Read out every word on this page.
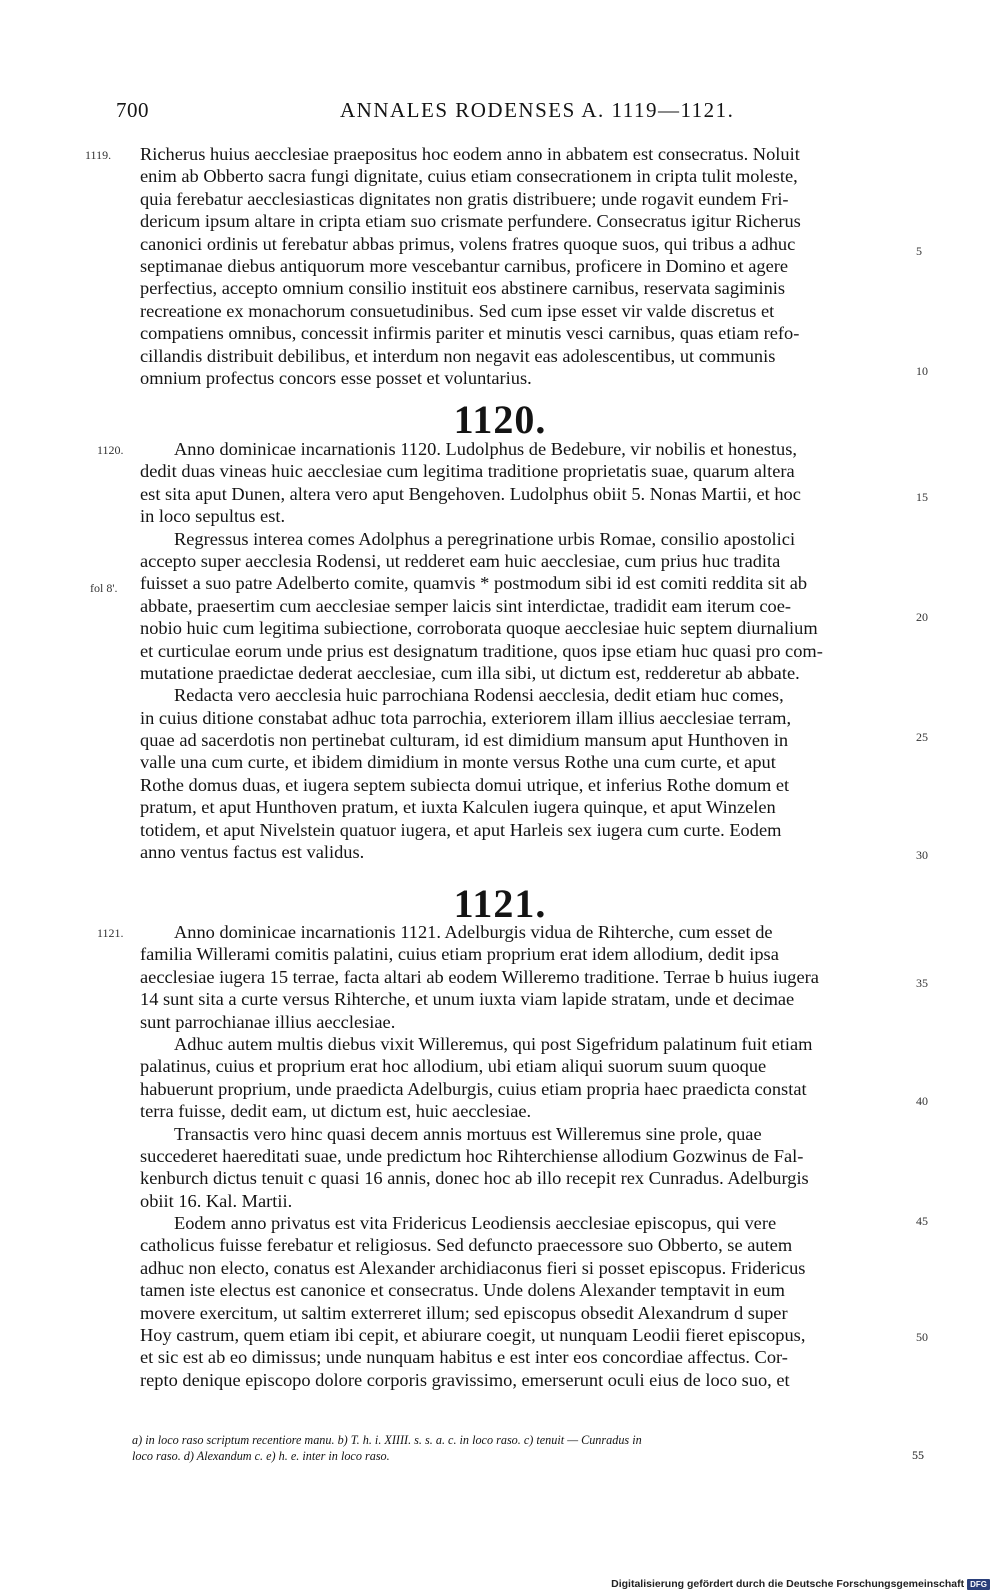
700	ANNALES RODENSES A. 1119—1121.
1119. Richerus huius aecclesiae praepositus hoc eodem anno in abbatem est consecratus. Noluit
enim ab Obberto sacra fungi dignitate, cuius etiam consecrationem in cripta tulit moleste,
quia ferebatur aecclesiasticas dignitates non gratis distribuere; unde rogavit eundem Fri-
dericum ipsum altare in cripta etiam suo crismate perfundere. Consecratus igitur Richerus
canonici ordinis ut ferebatur abbas primus, volens fratres quoque suos, qui tribus a adhuc
septimanae diebus antiquorum more vescebantur carnibus, proficere in Domino et agere
perfectius, accepto omnium consilio instituit eos abstinere carnibus, reservata sagiminis
recreatione ex monachorum consuetudinibus. Sed cum ipse esset vir valde discretus et
compatiens omnibus, concessit infirmis pariter et minutis vesci carnibus, quas etiam refo-
cillandis distribuit debilibus, et interdum non negavit eas adolescentibus, ut communis
omnium profectus concors esse posset et voluntarius.
5
10
1120.
1120.
fol 8'.
Anno dominicae incarnationis 1120. Ludolphus de Bedebure, vir nobilis et honestus,
dedit duas vineas huic aecclesiae cum legitima traditione proprietatis suae, quarum altera
est sita aput Dunen, altera vero aput Bengehoven. Ludolphus obiit 5. Nonas Martii, et hoc
in loco sepultus est.
Regressus interea comes Adolphus a peregrinatione urbis Romae, consilio apostolici
accepto super aecclesia Rodensi, ut redderet eam huic aecclesiae, cum prius huc tradita
fuisset a suo patre Adelberto comite, quamvis * postmodum sibi id est comiti reddita sit ab
abbate, praesertim cum aecclesiae semper laicis sint interdictae, tradidit eam iterum coe-
nobio huic cum legitima subiectione, corroborata quoque aecclesiae huic septem diurnalium
et curticulae eorum unde prius est designatum traditione, quos ipse etiam huc quasi pro com-
mutatione praedictae dederat aecclesiae, cum illa sibi, ut dictum est, redderetur ab abbate.
Redacta vero aecclesia huic parrochiana Rodensi aecclesia, dedit etiam huc comes,
in cuius ditione constabat adhuc tota parrochia, exteriorem illam illius aecclesiae terram,
quae ad sacerdotis non pertinebat culturam, id est dimidium mansum aput Hunthoven in
valle una cum curte, et ibidem dimidium in monte versus Rothe una cum curte, et aput
Rothe domus duas, et iugera septem subiecta domui utrique, et inferius Rothe domum et
pratum, et aput Hunthoven pratum, et iuxta Kalculen iugera quinque, et aput Winzelen
totidem, et aput Nivelstein quatuor iugera, et aput Harleis sex iugera cum curte. Eodem
anno ventus factus est validus.
15
20
25
30
1121.
1121.	Anno dominicae incarnationis 1121. Adelburgis vidua de Rihterche, cum esset de
familia Willerami comitis palatini, cuius etiam proprium erat idem allodium, dedit ipsa
aecclesiae iugera 15 terrae, facta altari ab eodem Willeremo traditione. Terrae b huius iugera
14 sunt sita a curte versus Rihterche, et unum iuxta viam lapide stratam, unde et decimae
sunt parrochianae illius aecclesiae.
Adhuc autem multis diebus vixit Willeremus, qui post Sigefridum palatinum fuit etiam
palatinus, cuius et proprium erat hoc allodium, ubi etiam aliqui suorum suum quoque
habuerunt proprium, unde praedicta Adelburgis, cuius etiam propria haec praedicta constat
terra fuisse, dedit eam, ut dictum est, huic aecclesiae.
Transactis vero hinc quasi decem annis mortuus est Willeremus sine prole, quae
succederet haereditati suae, unde predictum hoc Rihterchiense allodium Gozwinus de Fal-
kenburch dictus tenuit c quasi 16 annis, donec hoc ab illo recepit rex Cunradus. Adelburgis
obiit 16. Kal. Martii.
Eodem anno privatus est vita Fridericus Leodiensis aecclesiae episcopus, qui vere
catholicus fuisse ferebatur et religiosus. Sed defuncto praecessore suo Obberto, se autem
adhuc non electo, conatus est Alexander archidiaconus fieri si posset episcopus. Fridericus
tamen iste electus est canonice et consecratus. Unde dolens Alexander temptavit in eum
movere exercitum, ut saltim exterreret illum; sed episcopus obsedit Alexandrum d super
Hoy castrum, quem etiam ibi cepit, et abiurare coegit, ut nunquam Leodii fieret episcopus,
et sic est ab eo dimissus; unde nunquam habitus e est inter eos concordiae affectus. Cor-
repto denique episcopo dolore corporis gravissimo, emerserunt oculi eius de loco suo, et
35
40
45
50
a) in loco raso scriptum recentiore manu. b) T. h. i. XIIII. s. s. a. c. in loco raso. c) tenuit — Cunradus in
loco raso. d) Alexandum c. e) h. e. inter in loco raso.	55
Digitalisierung gefördert durch die Deutsche Forschungsgemeinschaft DFG
